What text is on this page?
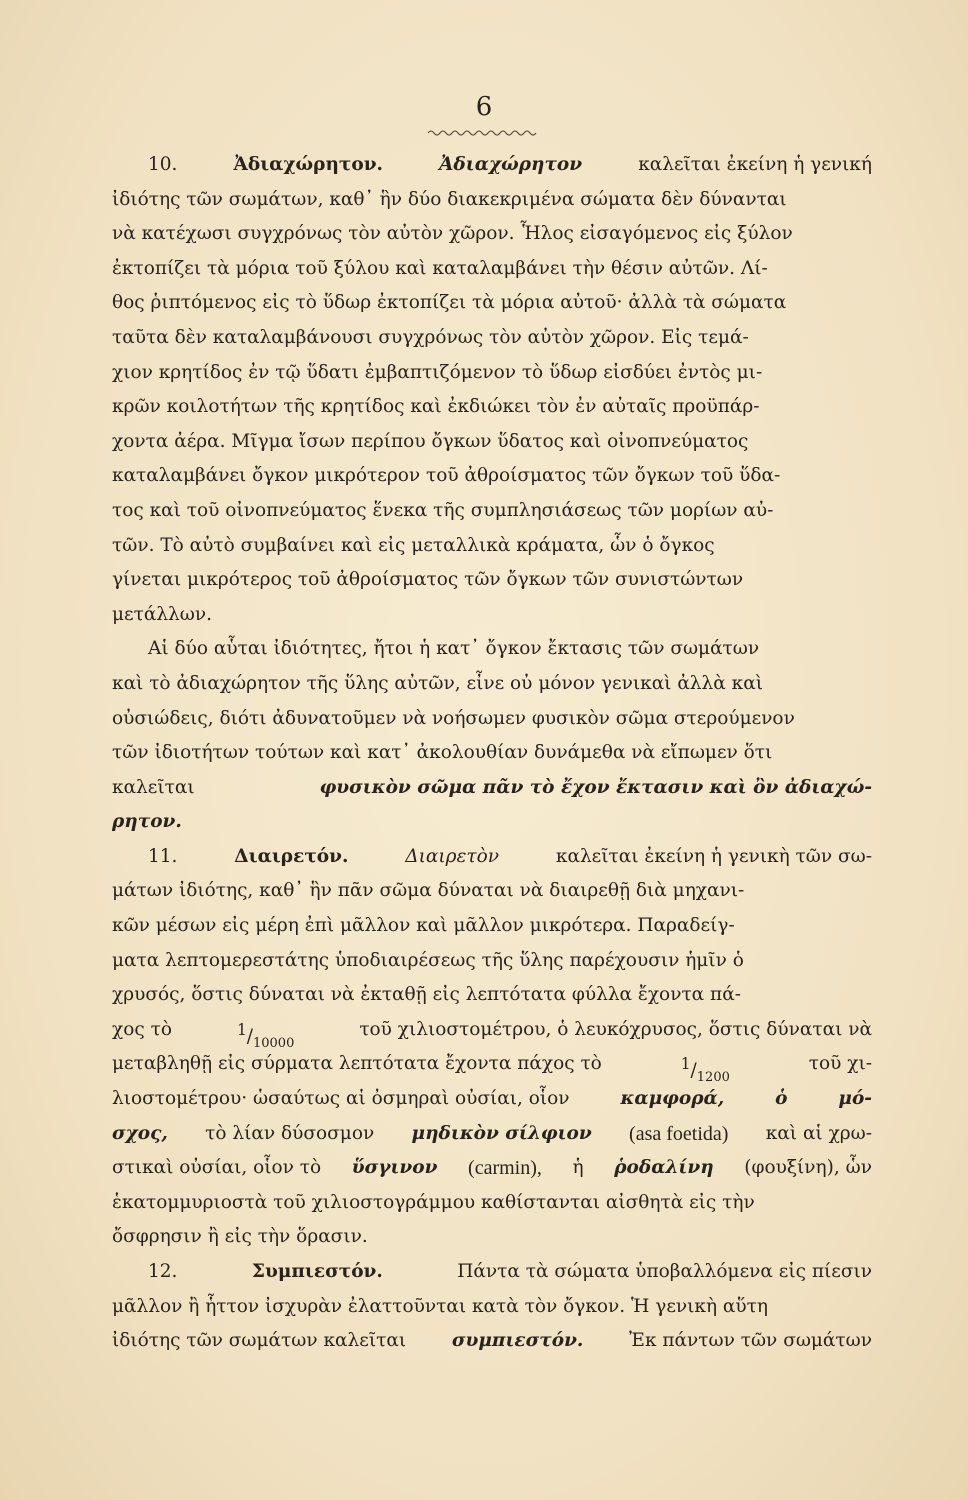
6
10.	Ἀδιαχώρητον.	Ἀδιαχώρητον	καλεῖται ἐκείνη ἡ γενική
ἰδιότης τῶν σωμάτων, καθ᾽ ἣν δύο διακεκριμένα σώματα δὲν δύνανται
νὰ κατέχωσι συγχρόνως τὸν αὐτὸν χῶρον. Ἧλος εἰσαγόμενος εἰς ξύλον
ἐκτοπίζει τὰ μόρια τοῦ ξύλου καὶ καταλαμβάνει τὴν θέσιν αὐτῶν. Λί-
θος ῥιπτόμενος εἰς τὸ ὕδωρ ἐκτοπίζει τὰ μόρια αὐτοῦ· ἀλλὰ τὰ σώματα
ταῦτα δὲν καταλαμβάνουσι συγχρόνως τὸν αὐτὸν χῶρον. Εἰς τεμά-
χιον κρητίδος ἐν τῷ ὕδατι ἐμβαπτιζόμενον τὸ ὕδωρ εἰσδύει ἐντὸς μι-
κρῶν κοιλοτήτων τῆς κρητίδος καὶ ἐκδιώκει τὸν ἐν αὐταῖς προϋπάρ-
χοντα ἀέρα. Μῖγμα ἴσων περίπου ὄγκων ὕδατος καὶ οἰνοπνεύματος
καταλαμβάνει ὄγκον μικρότερον τοῦ ἀθροίσματος τῶν ὄγκων τοῦ ὕδα-
τος καὶ τοῦ οἰνοπνεύματος ἕνεκα τῆς συμπλησιάσεως τῶν μορίων αὐ-
τῶν. Τὸ αὐτὸ συμβαίνει καὶ εἰς μεταλλικὰ κράματα, ὧν ὁ ὄγκος
γίνεται μικρότερος τοῦ ἀθροίσματος τῶν ὄγκων τῶν συνιστώντων
μετάλλων.
Αἱ δύο αὗται ἰδιότητες, ἤτοι ἡ κατ᾽ ὄγκον ἔκτασις τῶν σωμάτων
καὶ τὸ ἀδιαχώρητον τῆς ὕλης αὐτῶν, εἶνε οὐ μόνον γενικαὶ ἀλλὰ καὶ
οὐσιώδεις, διότι ἀδυνατοῦμεν νὰ νοήσωμεν φυσικὸν σῶμα στερούμενον
τῶν ἰδιοτήτων τούτων καὶ κατ᾽ ἀκολουθίαν δυνάμεθα νὰ εἴπωμεν ὅτι
καλεῖται	φυσικὸν σῶμα πᾶν τὸ ἔχον ἔκτασιν καὶ ὂν ἀδιαχώ-
ρητον.
11.	Διαιρετόν.	Διαιρετὸν	καλεῖται ἐκείνη ἡ γενικὴ τῶν σω-
μάτων ἰδιότης, καθ᾽ ἣν πᾶν σῶμα δύναται νὰ διαιρεθῇ διὰ μηχανι-
κῶν μέσων εἰς μέρη ἐπὶ μᾶλλον καὶ μᾶλλον μικρότερα. Παραδείγ-
ματα λεπτομερεστάτης ὑποδιαιρέσεως τῆς ὕλης παρέχουσιν ἡμῖν ὁ
χρυσός, ὅστις δύναται νὰ ἐκταθῇ εἰς λεπτότατα φύλλα ἔχοντα πά-
χος τὸ	$^1/_{10000}$
τοῦ χιλιοστομέτρου, ὁ λευκόχρυσος, ὅστις δύναται νὰ
μεταβληθῇ εἰς σύρματα λεπτότατα ἔχοντα πάχος τὸ	$^1/_{1200}$
τοῦ χι-
λιοστομέτρου· ὡσαύτως αἱ ὀσμηραὶ οὐσίαι, οἷον	καμφορά,	ὁ	μό-
σχος, τὸ λίαν δύσοσμον μηδικὸν σίλφιον (asa foetida) καὶ αἱ χρω-
στικαὶ οὐσίαι, οἷον τὸ ὕσγινον (carmin), ἡ ῥοδαλίνη (φουξίνη), ὧν
ἑκατομμυριοστὰ τοῦ χιλιοστογράμμου καθίστανται αἰσθητὰ εἰς τὴν
ὄσφρησιν ἢ εἰς τὴν ὅρασιν.
12.	Συμπιεστόν.	Πάντα τὰ σώματα ὑποβαλλόμενα εἰς πίεσιν
μᾶλλον ἢ ἧττον ἰσχυρὰν ἐλαττοῦνται κατὰ τὸν ὄγκον. Ἡ γενικὴ αὕτη
ἰδιότης τῶν σωμάτων καλεῖται συμπιεστόν. Ἐκ πάντων τῶν σωμάτων
